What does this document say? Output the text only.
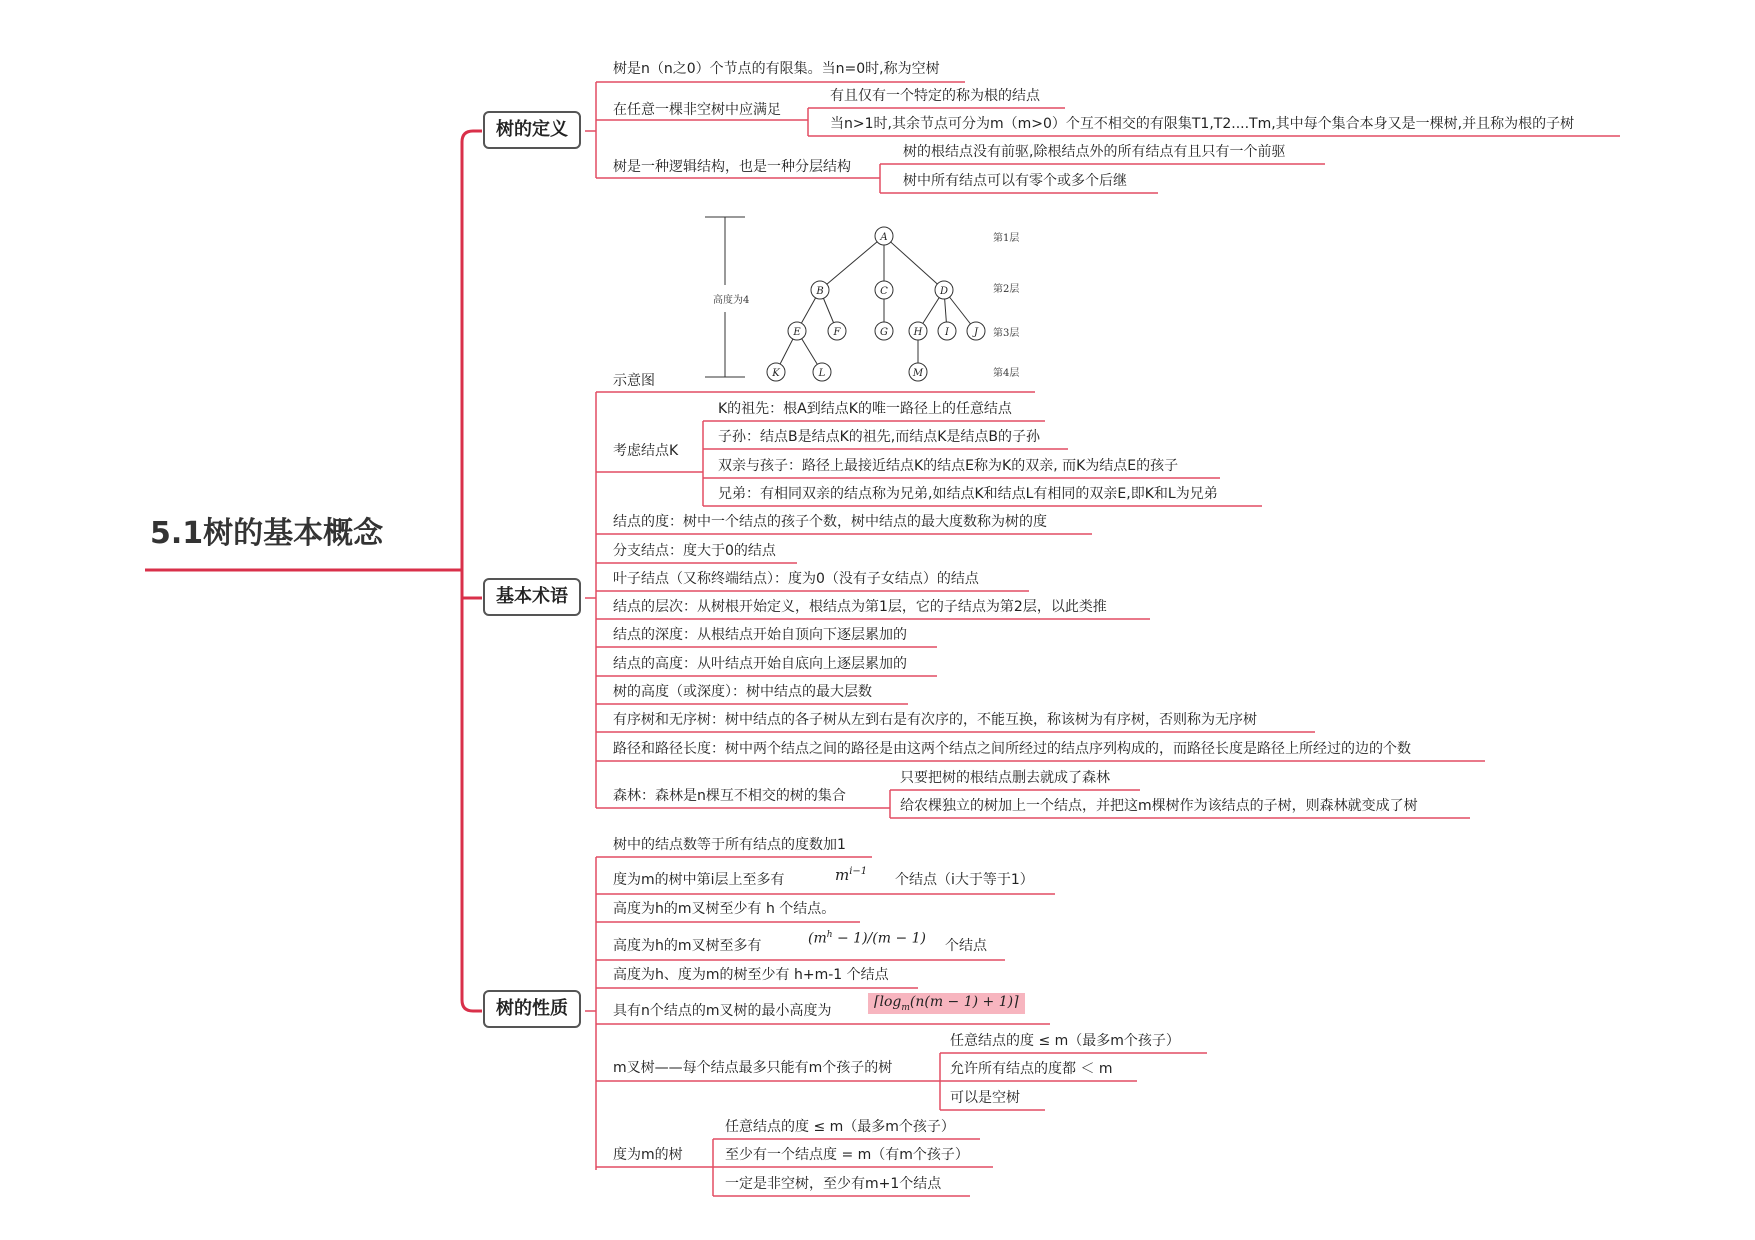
A
B	C	D
E	F	G	H I	J
K	L	M
高度为4
第1层
第2层
第3层
第4层
5.1树的基本概念
树的定义
基本术语
树的性质
树是n（n之0）个节点的有限集。当n=0时,称为空树
在任意一棵非空树中应满足
有且仅有一个特定的称为根的结点
当n>1时,其余节点可分为m（m>0）个互不相交的有限集T1,T2....Tm,其中每个集合本身又是一棵树,并且称为根的子树
树是一种逻辑结构，也是一种分层结构
树的根结点没有前驱,除根结点外的所有结点有且只有一个前驱
树中所有结点可以有零个或多个后继
示意图
考虑结点K
K的祖先：根A到结点K的唯一路径上的任意结点
子孙：结点B是结点K的祖先,而结点K是结点B的子孙
双亲与孩子：路径上最接近结点K的结点E称为K的双亲, 而K为结点E的孩子
兄弟：有相同双亲的结点称为兄弟,如结点K和结点L有相同的双亲E,即K和L为兄弟
结点的度：树中一个结点的孩子个数，树中结点的最大度数称为树的度
分支结点：度大于0的结点
叶子结点（又称终端结点）：度为0（没有子女结点）的结点
结点的层次：从树根开始定义，根结点为第1层，它的子结点为第2层，以此类推
结点的深度：从根结点开始自顶向下逐层累加的
结点的高度：从叶结点开始自底向上逐层累加的
树的高度（或深度）：树中结点的最大层数
有序树和无序树：树中结点的各子树从左到右是有次序的，不能互换，称该树为有序树，否则称为无序树
路径和路径长度：树中两个结点之间的路径是由这两个结点之间所经过的结点序列构成的，而路径长度是路径上所经过的边的个数
森林：森林是n棵互不相交的树的集合
只要把树的根结点删去就成了森林
给农棵独立的树加上一个结点，并把这m棵树作为该结点的子树，则森林就变成了树
树中的结点数等于所有结点的度数加1
度为m的树中第i层上至多有	$m^{i-1}$
个结点（i大于等于1）
高度为h的m叉树至少有 h 个结点。
高度为h的m叉树至多有	$(m^h - 1)/(m - 1)$ 个结点
高度为h、度为m的树至少有 h+m-1 个结点
具有n个结点的m叉树的最小高度为
$⌈\log_m(n(m - 1)$ + 1)⌉
m叉树——每个结点最多只能有m个孩子的树
任意结点的度 ≤ m（最多m个孩子）
允许所有结点的度都 ＜ m
可以是空树
度为m的树
任意结点的度 ≤ m（最多m个孩子）
至少有一个结点度 = m（有m个孩子）
一定是非空树，至少有m+1个结点
